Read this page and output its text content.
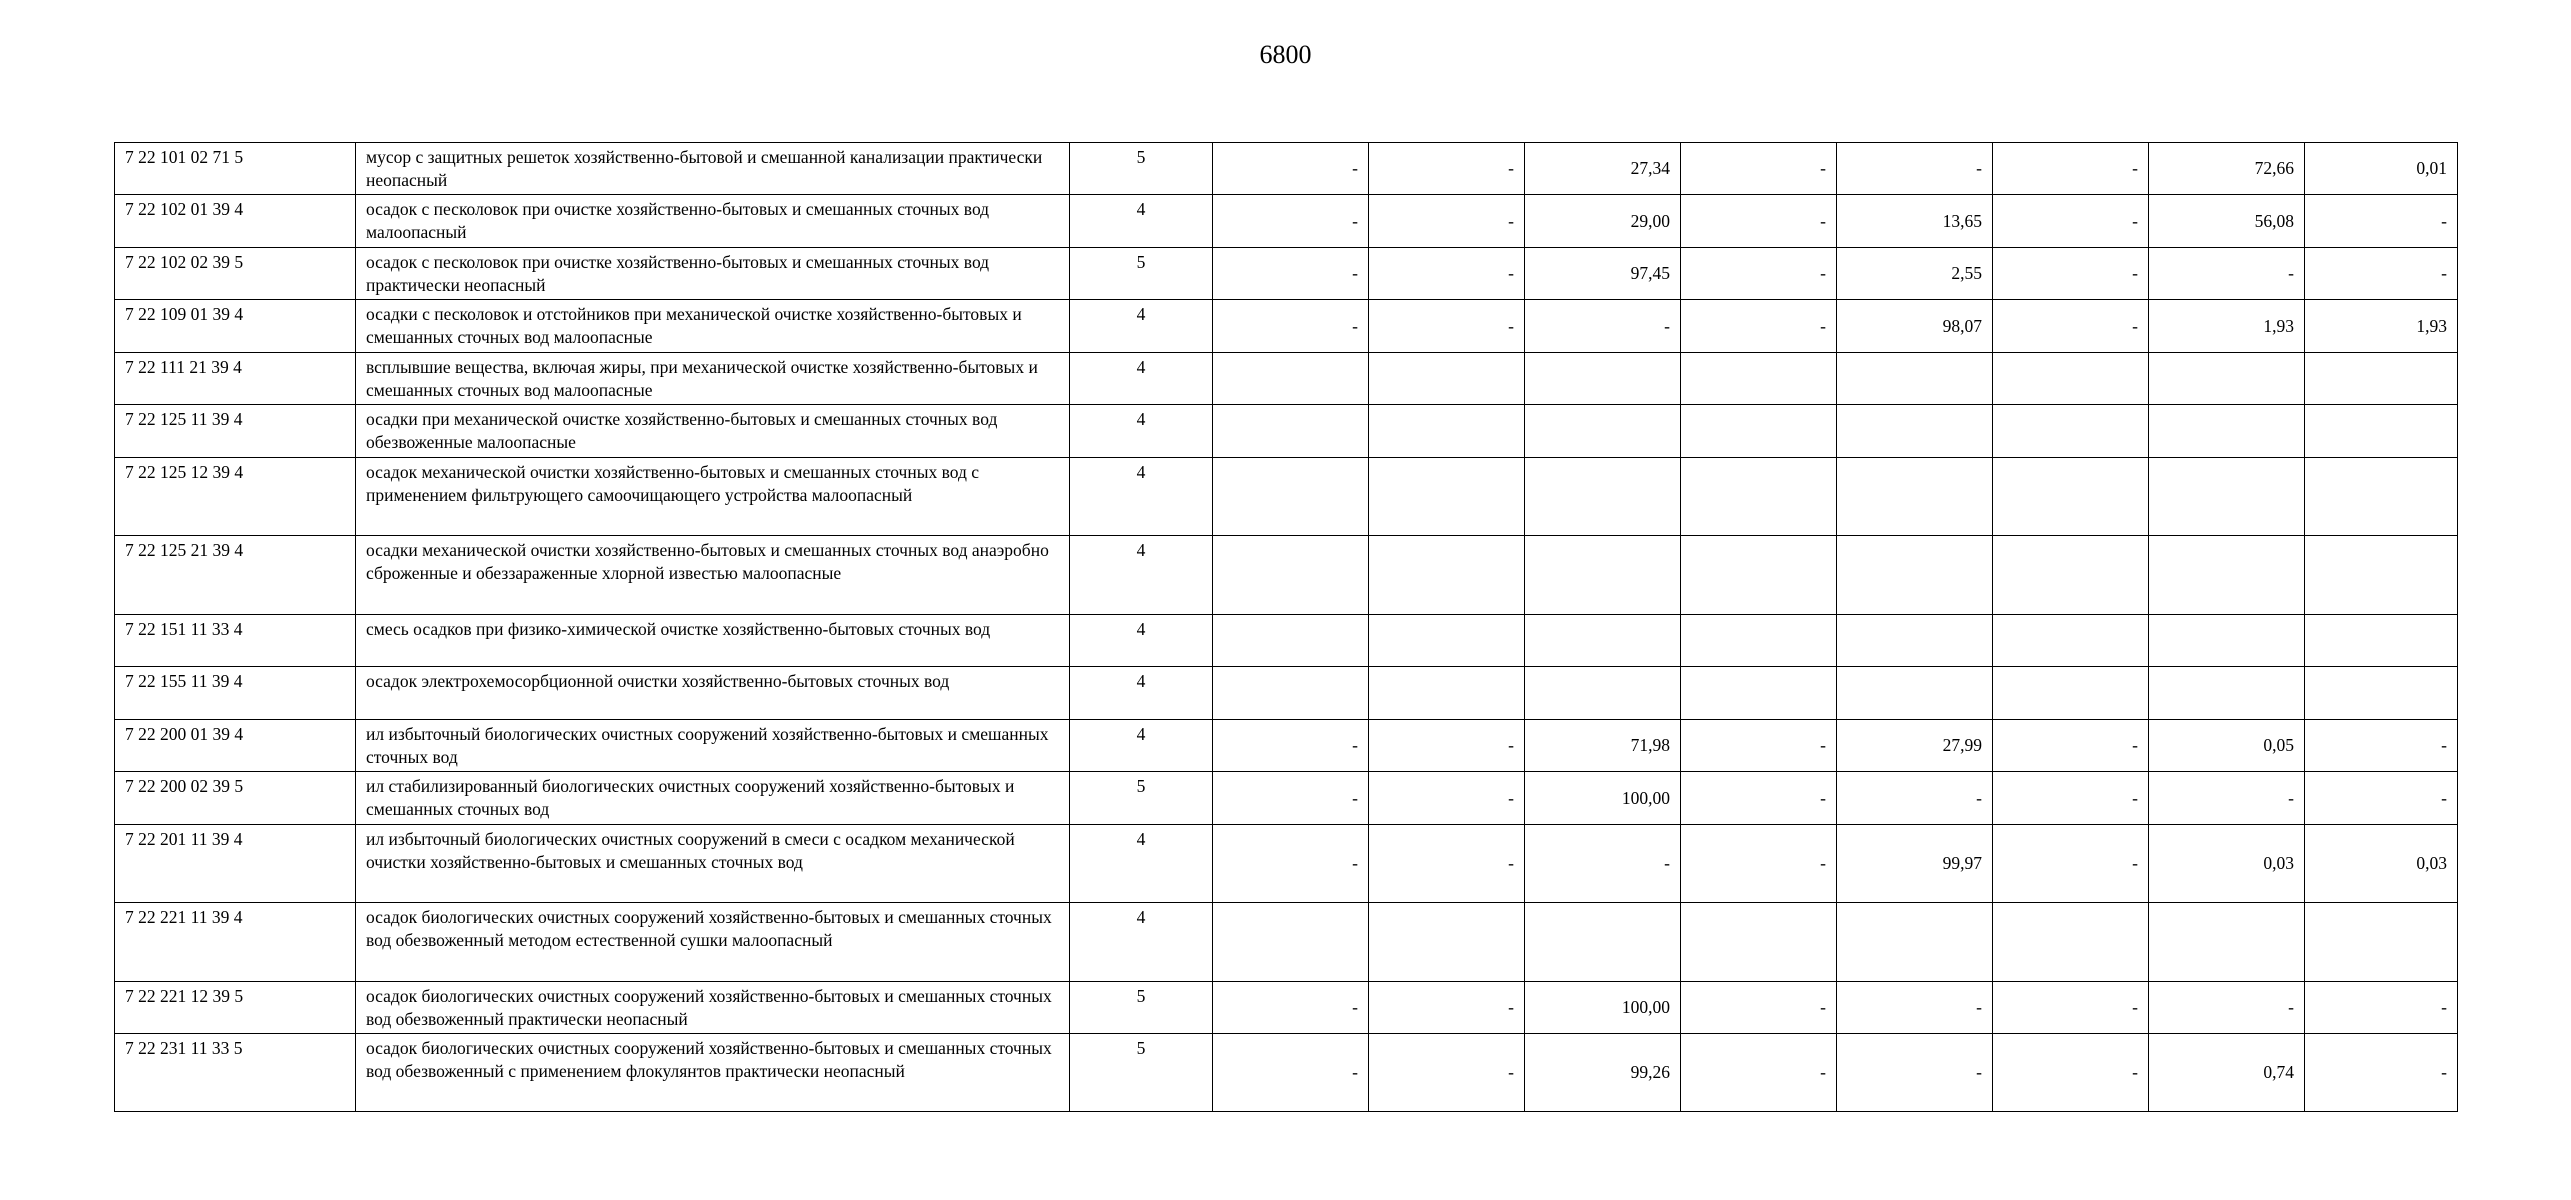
6800
7 22 101 02 71 5	мусор с защитных решеток хозяйственно-бытовой и смешанной канализации практически неопасный	5	-	-	27,34	-	-	-	72,66	0,01
7 22 102 01 39 4	осадок с песколовок при очистке хозяйственно-бытовых и смешанных сточных вод малоопасный	4	-	-	29,00	-	13,65	-	56,08	-
7 22 102 02 39 5	осадок с песколовок при очистке хозяйственно-бытовых и смешанных сточных вод практически неопасный	5	-	-	97,45	-	2,55	-	-	-
7 22 109 01 39 4	осадки с песколовок и отстойников при механической очистке хозяйственно-бытовых и смешанных сточных вод малоопасные	4	-	-	-	-	98,07	-	1,93	1,93
7 22 111 21 39 4	всплывшие вещества, включая жиры, при механической очистке хозяйственно-бытовых и смешанных сточных вод малоопасные	4								
7 22 125 11 39 4	осадки при механической очистке хозяйственно-бытовых и смешанных сточных вод обезвоженные малоопасные	4								
7 22 125 12 39 4	осадок механической очистки хозяйственно-бытовых и смешанных сточных вод с применением фильтрующего самоочищающего устройства малоопасный	4								
7 22 125 21 39 4	осадки механической очистки хозяйственно-бытовых и смешанных сточных вод анаэробно сброженные и обеззараженные хлорной известью малоопасные	4								
7 22 151 11 33 4	смесь осадков при физико-химической очистке хозяйственно-бытовых сточных вод	4								
7 22 155 11 39 4	осадок электрохемосорбционной очистки хозяйственно-бытовых сточных вод	4								
7 22 200 01 39 4	ил избыточный биологических очистных сооружений хозяйственно-бытовых и смешанных сточных вод	4	-	-	71,98	-	27,99	-	0,05	-
7 22 200 02 39 5	ил стабилизированный биологических очистных сооружений хозяйственно-бытовых и смешанных сточных вод	5	-	-	100,00	-	-	-	-	-
7 22 201 11 39 4	ил избыточный биологических очистных сооружений в смеси с осадком механической очистки хозяйственно-бытовых и смешанных сточных вод	4	-	-	-	-	99,97	-	0,03	0,03
7 22 221 11 39 4	осадок биологических очистных сооружений хозяйственно-бытовых и смешанных сточных вод обезвоженный методом естественной сушки малоопасный	4								
7 22 221 12 39 5	осадок биологических очистных сооружений хозяйственно-бытовых и смешанных сточных вод обезвоженный практически неопасный	5	-	-	100,00	-	-	-	-	-
7 22 231 11 33 5	осадок биологических очистных сооружений хозяйственно-бытовых и смешанных сточных вод обезвоженный с применением флокулянтов практически неопасный	5	-	-	99,26	-	-	-	0,74	-
